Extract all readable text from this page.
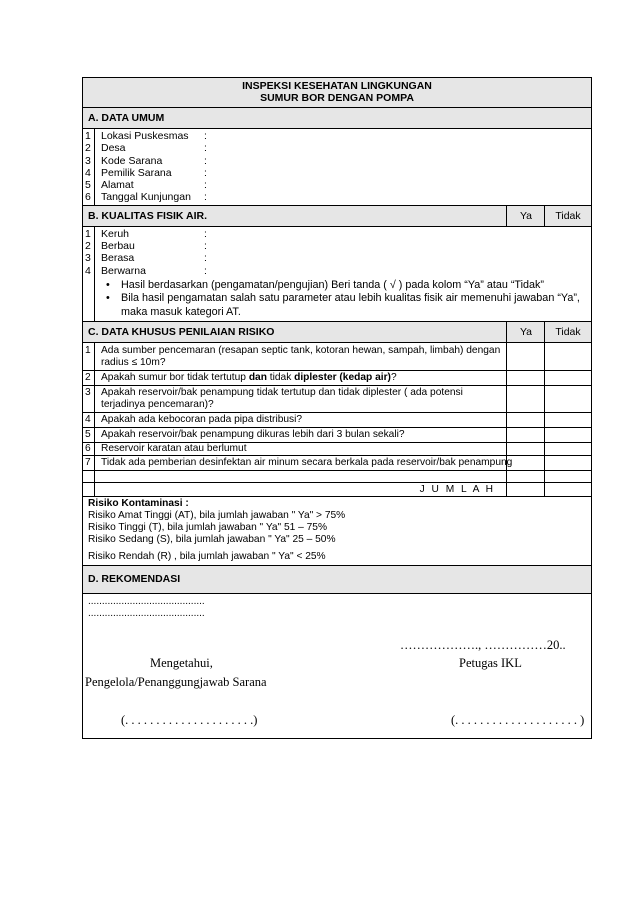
INSPEKSI KESEHATAN LINGKUNGAN
SUMUR BOR DENGAN POMPA
A. DATA UMUM
1 Lokasi Puskesmas :
2 Desa	:
3 Kode Sarana	:
4 Pemilik Sarana	:
5 Alamat	:
6 Tanggal Kunjungan :
B. KUALITAS FISIK AIR.	Ya	Tidak
1 Keruh	:
2 Berbau	:
3 Berasa	:
4 Berwarna	:
• Hasil berdasarkan (pengamatan/pengujian) Beri tanda ( √ ) pada kolom “Ya” atau “Tidak”
• Bila hasil pengamatan salah satu parameter atau lebih kualitas fisik air memenuhi jawaban “Ya”, maka masuk kategori AT.
C. DATA KHUSUS PENILAIAN RISIKO	Ya	Tidak
1	Ada sumber pencemaran (resapan septic tank, kotoran hewan, sampah, limbah) dengan radius ≤ 10m?
2	Apakah sumur bor tidak tertutup dan tidak diplester (kedap air)?
3	Apakah reservoir/bak penampung tidak tertutup dan tidak diplester ( ada potensi terjadinya pencemaran)?
4	Apakah ada kebocoran pada pipa distribusi?
5	Apakah reservoir/bak penampung dikuras lebih dari 3 bulan sekali?
6	Reservoir karatan atau berlumut
7	Tidak ada pemberian desinfektan air minum secara berkala pada reservoir/bak penampung
J U M L A H
Risiko Kontaminasi :
Risiko Amat Tinggi (AT), bila jumlah jawaban " Ya" > 75%
Risiko Tinggi (T), bila jumlah jawaban " Ya" 51 – 75%
Risiko Sedang (S), bila jumlah jawaban " Ya" 25 – 50%
Risiko Rendah (R) , bila jumlah jawaban " Ya" < 25%
D. REKOMENDASI
..........................................
..........................................
………………., ……………20..
Mengetahui,	Petugas IKL
Pengelola/Penanggungjawab Sarana
(. . . . . . . . . . . . . . . . . . . . .)	(. . . . . . . . . . . . . . . . . . . . )
